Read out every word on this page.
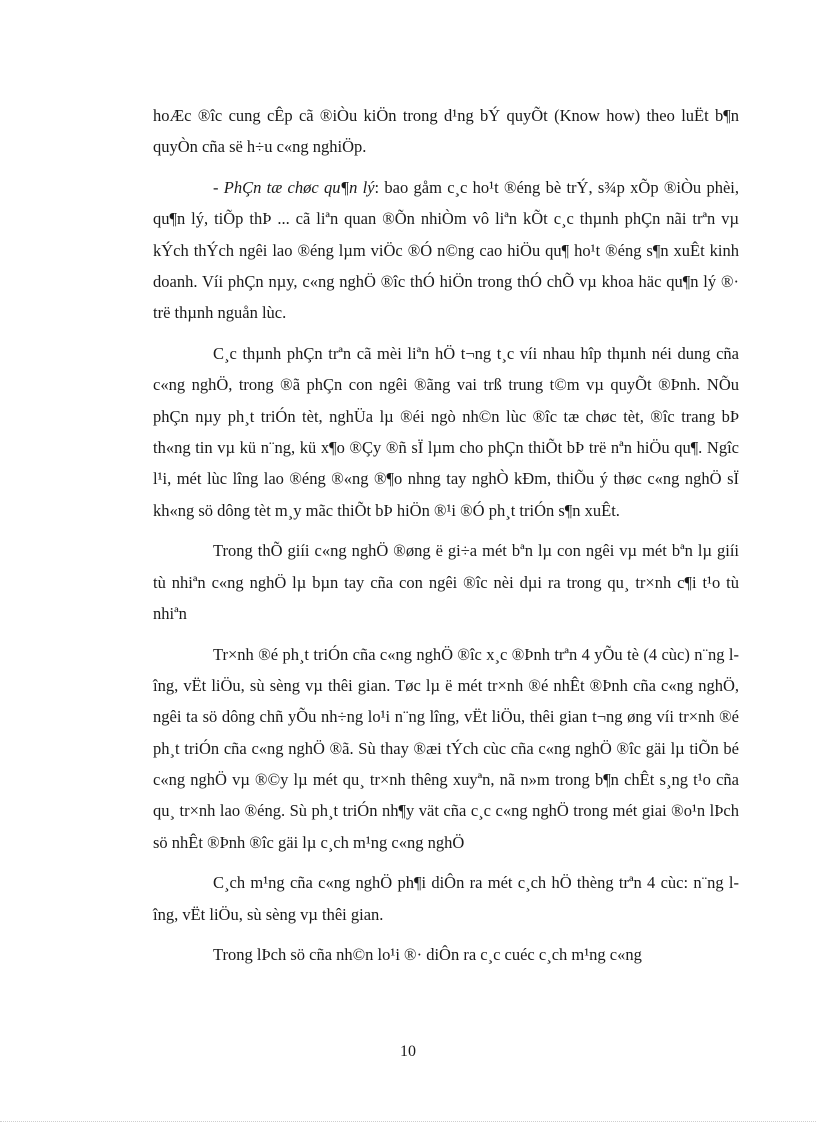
hoÆc ®îc cung cÊp cã ®iÒu kiÖn trong d¹ng bÝ quyÕt (Know how) theo luËt b¶n quyÒn cña së h÷u c«ng nghiÖp.

- PhÇn tæ chøc qu¶n lý: bao gåm c¸c ho¹t ®éng bè trÝ, s¾p xÕp ®iÒu phèi, qu¶n lý, tiÕp thÞ ... cã liªn quan ®Õn nhiÒm vô liªn kÕt c¸c thµnh phÇn nãi trªn vµ kÝch thÝch ngêi lao ®éng lµm viÖc ®Ó n©ng cao hiÖu qu¶ ho¹t ®éng s¶n xuÊt kinh doanh. Víi phÇn nµy, c«ng nghÖ ®îc thÓ hiÖn trong thÓ chÕ vµ khoa häc qu¶n lý ®· trë thµnh nguån lùc.

C¸c thµnh phÇn trªn cã mèi liªn hÖ t¬ng t¸c víi nhau hîp thµnh néi dung cña c«ng nghÖ, trong ®ã phÇn con ngêi ®ãng vai trß trung t©m vµ quyÕt ®Þnh. NÕu phÇn nµy ph¸t triÓn tèt, nghÜa lµ ®éi ngò nh©n lùc ®îc tæ chøc tèt, ®îc trang bÞ th«ng tin vµ kü n¨ng, kü x¶o ®Çy ®ñ sÏ lµm cho phÇn thiÕt bÞ trë nªn hiÖu qu¶. Ngîc l¹i, mét lùc lîng lao ®éng ®«ng ®¶o nhng tay nghÒ kÐm, thiÕu ý thøc c«ng nghÖ sÏ kh«ng sö dông tèt m¸y mãc thiÕt bÞ hiÖn ®¹i ®Ó ph¸t triÓn s¶n xuÊt.

Trong thÕ giíi c«ng nghÖ ®øng ë gi÷a mét bªn lµ con ngêi vµ mét bªn lµ giíi tù nhiªn c«ng nghÖ lµ bµn tay cña con ngêi ®îc nèi dµi ra trong qu¸ tr×nh c¶i t¹o tù nhiªn

Tr×nh ®é ph¸t triÓn cña c«ng nghÖ ®îc x¸c ®Þnh trªn 4 yÕu tè (4 cùc) n¨ng lîng, vËt liÖu, sù sèng vµ thêi gian. Tøc lµ ë mét tr×nh ®é nhÊt ®Þnh cña c«ng nghÖ, ngêi ta sö dông chñ yÕu nh÷ng lo¹i n¨ng lîng, vËt liÖu, thêi gian t¬ng øng víi tr×nh ®é ph¸t triÓn cña c«ng nghÖ ®ã. Sù thay ®æi tÝch cùc cña c«ng nghÖ ®îc gäi lµ tiÕn bé c«ng nghÖ vµ ®©y lµ mét qu¸ tr×nh thêng xuyªn, nã n»m trong b¶n chÊt s¸ng t¹o cña qu¸ tr×nh lao ®éng. Sù ph¸t triÓn nh¶y vät cña c¸c c«ng nghÖ trong mét giai ®o¹n lÞch sö nhÊt ®Þnh ®îc gäi lµ c¸ch m¹ng c«ng nghÖ

C¸ch m¹ng cña c«ng nghÖ ph¶i diÔn ra mét c¸ch hÖ thèng trªn 4 cùc: n¨ng lîng, vËt liÖu, sù sèng vµ thêi gian.

Trong lÞch sö cña nh©n lo¹i ®· diÔn ra c¸c cuéc c¸ch m¹ng c«ng

10
